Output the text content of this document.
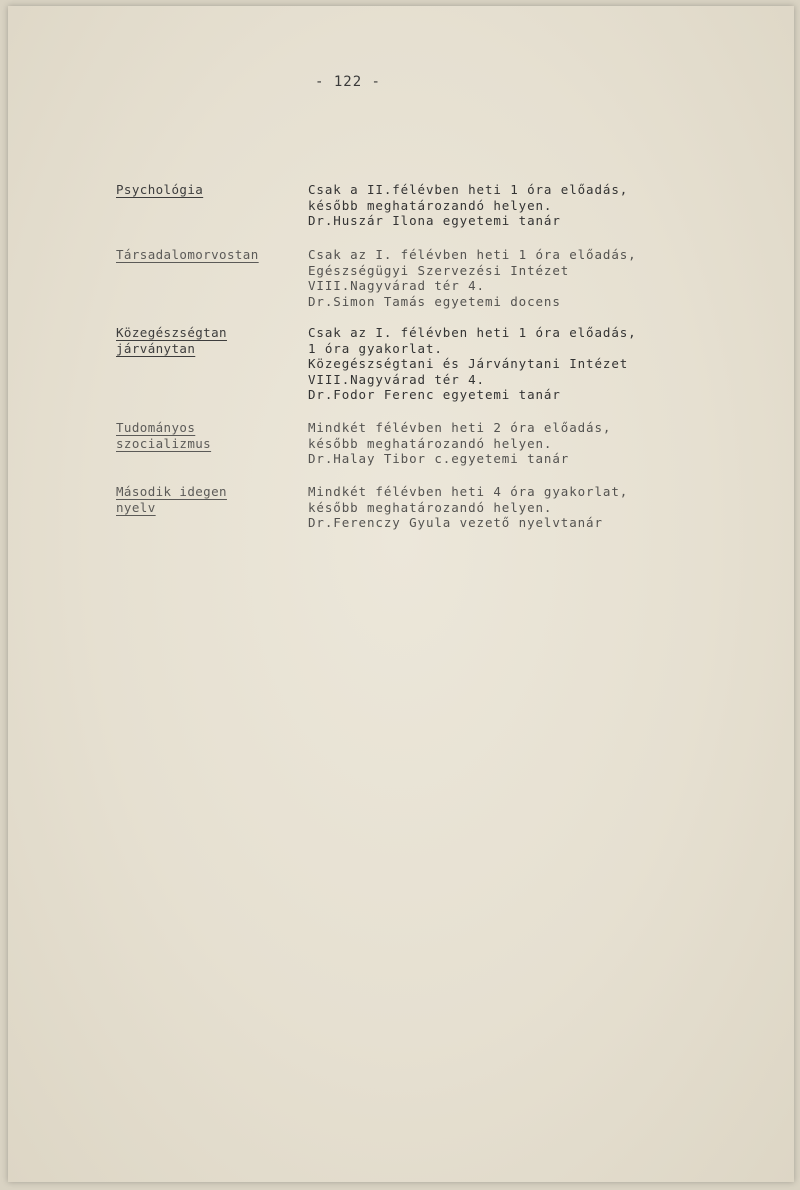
- 122 -
Psychológia	Csak a II.félévben heti 1 óra előadás,
később meghatározandó helyen.
Dr.Huszár Ilona egyetemi tanár
Társadalomorvostan	Csak az I. félévben heti 1 óra előadás,
Egészségügyi Szervezési Intézet
VIII.Nagyvárad tér 4.
Dr.Simon Tamás egyetemi docens
Közegészségtan
járványtan
Csak az I. félévben heti 1 óra előadás,
1 óra gyakorlat.
Közegészségtani és Járványtani Intézet
VIII.Nagyvárad tér 4.
Dr.Fodor Ferenc egyetemi tanár
Tudományos
szocializmus
Mindkét félévben heti 2 óra előadás,
később meghatározandó helyen.
Dr.Halay Tibor c.egyetemi tanár
Második idegen
nyelv
Mindkét félévben heti 4 óra gyakorlat,
később meghatározandó helyen.
Dr.Ferenczy Gyula vezető nyelvtanár
